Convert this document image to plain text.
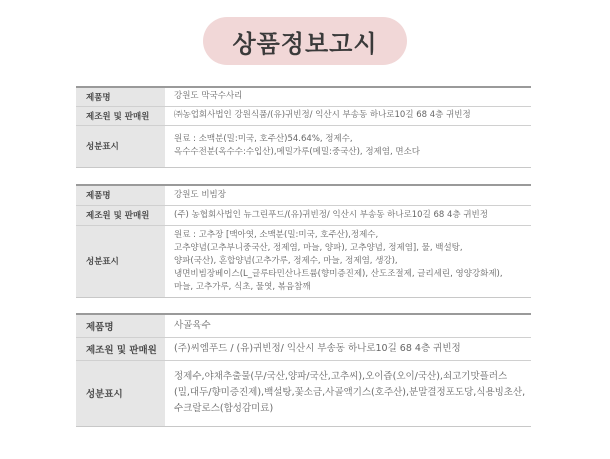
상품정보고시
제품명	강원도 막국수사리
제조원 및 판매원	㈜농업회사법인 강원식품/(유)귀빈정/ 익산시 부송동 하나로10길 68 4층 귀빈정
성분표시	원료 : 소맥분(밀:미국, 호주산)54.64%, 정제수,
옥수수전분(옥수수:수입산),메밀가루(메밀:중국산), 정제염, 면소다
제품명	강원도 비빔장
제조원 및 판매원	(주) 농협회사법인 뉴그린푸드/(유)귀빈정/ 익산시 부송동 하나로10길 68 4층 귀빈정
성분표시	원료 : 고추장 [맥아엿, 소맥분(밀:미국, 호주산),정제수,
고추양념(고추부니중국산, 정제염, 마늘, 양파), 고추양념, 정제염], 물, 백설탕,
양파(국산), 혼합양념(고추가루, 정제수, 마늘, 정제염, 생강),
냉면비빔장베이스(L_글루타민산나트륨(향미증진제), 산도조절제, 글리세린, 영양강화제),
마늘, 고추가루, 식초, 물엿, 볶음참깨
제품명	사골육수
제조원 및 판매원	(주)씨엠푸드 / (유)귀빈정/ 익산시 부송동 하나로10길 68 4층 귀빈정
성분표시	정제수,야채추출물(무/국산,양파/국산,고추씨),오이즙(오이/국산),쇠고기맛플러스
(밀,대두/향미증진제),백설탕,꽃소금,사골액기스(호주산),분말결정포도당,식용빙초산,
수크랄로스(합성감미료)
